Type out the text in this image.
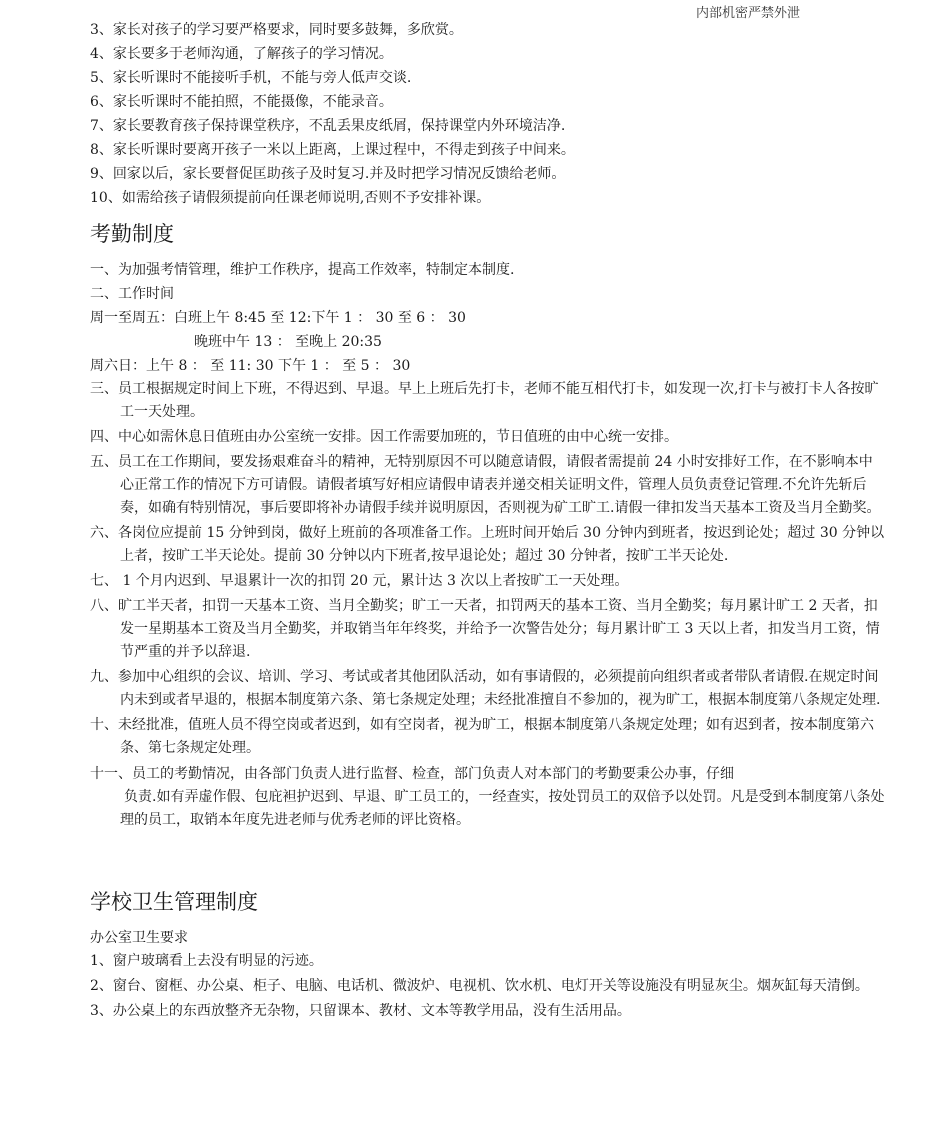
内部机密严禁外泄
3、家长对孩子的学习要严格要求，同时要多鼓舞，多欣赏。
4、家长要多于老师沟通，了解孩子的学习情况。
5、家长听课时不能接听手机，不能与旁人低声交谈.
6、家长听课时不能拍照，不能摄像，不能录音。
7、家长要教育孩子保持课堂秩序，不乱丢果皮纸屑，保持课堂内外环境洁净.
8、家长听课时要离开孩子一米以上距离，上课过程中，不得走到孩子中间来。
9、回家以后，家长要督促匡助孩子及时复习.并及时把学习情况反馈给老师。
10、如需给孩子请假须提前向任课老师说明,否则不予安排补课。
考勤制度
一、为加强考情管理，维护工作秩序，提高工作效率，特制定本制度.
二、工作时间
周一至周五：白班上午 8:45 至 12:下午 1 ： 30 至 6 ： 30
晚班中午 13 ： 至晚上 20:35
周六日：上午 8 ： 至 11: 30 下午 1 ： 至 5 ： 30

三、员工根据规定时间上下班，不得迟到、早退。早上上班后先打卡，老师不能互相代打卡，如发现一次,打卡与被打卡人各按旷工一天处理。

四、中心如需休息日值班由办公室统一安排。因工作需要加班的，节日值班的由中心统一安排。

五、员工在工作期间，要发扬艰难奋斗的精神，无特别原因不可以随意请假，请假者需提前 24 小时安排好工作，在不影响本中心正常工作的情况下方可请假。请假者填写好相应请假申请表并递交相关证明文件，管理人员负责登记管理.不允许先斩后奏，如确有特别情况，事后要即将补办请假手续并说明原因，否则视为矿工旷工.请假一律扣发当天基本工资及当月全勤奖。

六、各岗位应提前 15 分钟到岗，做好上班前的各项准备工作。上班时间开始后 30 分钟内到班者，按迟到论处；超过 30 分钟以上者，按旷工半天论处。提前 30 分钟以内下班者,按早退论处；超过 30 分钟者，按旷工半天论处.

七、 1 个月内迟到、早退累计一次的扣罚 20 元，累计达 3 次以上者按旷工一天处理。

八、旷工半天者，扣罚一天基本工资、当月全勤奖；旷工一天者，扣罚两天的基本工资、当月全勤奖；每月累计旷工 2 天者，扣发一星期基本工资及当月全勤奖，并取销当年年终奖，并给予一次警告处分；每月累计旷工 3 天以上者，扣发当月工资，情节严重的并予以辞退.

九、参加中心组织的会议、培训、学习、考试或者其他团队活动，如有事请假的，必须提前向组织者或者带队者请假.在规定时间内未到或者早退的，根据本制度第六条、第七条规定处理；未经批准擅自不参加的，视为旷工，根据本制度第八条规定处理.

十、未经批准，值班人员不得空岗或者迟到，如有空岗者，视为旷工，根据本制度第八条规定处理；如有迟到者，按本制度第六条、第七条规定处理。

十一、员工的考勤情况，由各部门负责人进行监督、检查，部门负责人对本部门的考勤要秉公办事，仔细

负责.如有弄虚作假、包庇袒护迟到、早退、旷工员工的，一经查实，按处罚员工的双倍予以处罚。凡是受到本制度第八条处理的员工，取销本年度先进老师与优秀老师的评比资格。

学校卫生管理制度
办公室卫生要求

1、窗户玻璃看上去没有明显的污迹。

2、窗台、窗框、办公桌、柜子、电脑、电话机、微波炉、电视机、饮水机、电灯开关等设施没有明显灰尘。烟灰缸每天清倒。

3、办公桌上的东西放整齐无杂物，只留课本、教材、文本等教学用品，没有生活用品。
